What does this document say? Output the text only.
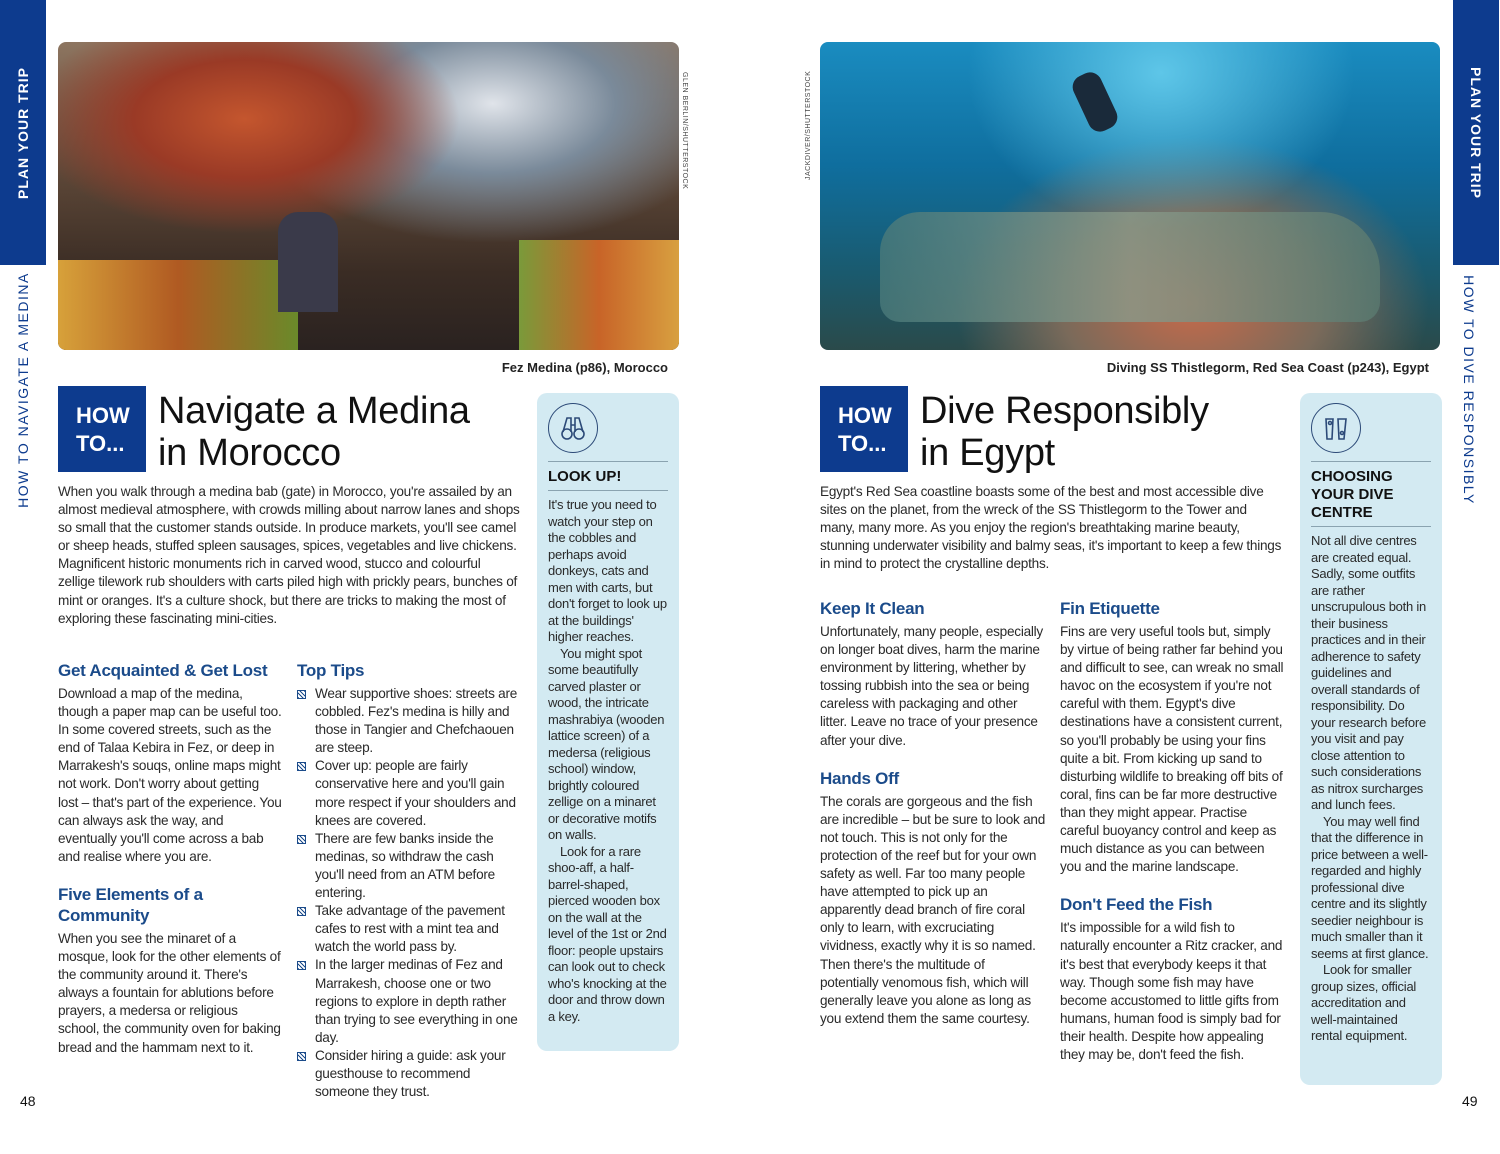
PLAN YOUR TRIP	PLAN YOUR TRIP
HOW TO NAVIGATE A MEDINA	HOW TO DIVE RESPONSIBLY
GLEN BERLIN/SHUTTERSTOCK
Fez Medina (p86), Morocco
HOW TO...
Navigate a Medina
in Morocco
When you walk through a medina bab (gate) in Morocco, you're assailed by an almost medieval atmosphere, with crowds milling about narrow lanes and shops so small that the customer stands outside. In produce markets, you'll see camel or sheep heads, stuffed spleen sausages, spices, vegetables and live chickens. Magnificent historic monuments rich in carved wood, stucco and colourful zellige tilework rub shoulders with carts piled high with prickly pears, bunches of mint or oranges. It's a culture shock, but there are tricks to making the most of exploring these fascinating mini-cities.
Get Acquainted & Get Lost
Download a map of the medina, though a paper map can be useful too. In some covered streets, such as the end of Talaa Kebira in Fez, or deep in Marrakesh's souqs, online maps might not work. Don't worry about getting lost – that's part of the experience. You can always ask the way, and eventually you'll come across a bab and realise where you are.
Five Elements of a Community
When you see the minaret of a mosque, look for the other elements of the community around it. There's always a fountain for ablutions before prayers, a medersa or religious school, the community oven for baking bread and the hammam next to it.
Top Tips
Wear supportive shoes: streets are cobbled. Fez's medina is hilly and those in Tangier and Chefchaouen are steep.
Cover up: people are fairly conservative here and you'll gain more respect if your shoulders and knees are covered.
There are few banks inside the medinas, so withdraw the cash you'll need from an ATM before entering.
Take advantage of the pavement cafes to rest with a mint tea and watch the world pass by.
In the larger medinas of Fez and Marrakesh, choose one or two regions to explore in depth rather than trying to see everything in one day.
Consider hiring a guide: ask your guesthouse to recommend someone they trust.
LOOK UP!
It's true you need to watch your step on the cobbles and perhaps avoid donkeys, cats and men with carts, but don't forget to look up at the buildings' higher reaches.
You might spot some beautifully carved plaster or wood, the intricate mashrabiya (wooden lattice screen) of a medersa (religious school) window, brightly coloured zellige on a minaret or decorative motifs on walls.
Look for a rare shoo-aff, a half-barrel-shaped, pierced wooden box on the wall at the level of the 1st or 2nd floor: people upstairs can look out to check who's knocking at the door and throw down a key.
48
JACKDIVER/SHUTTERSTOCK
Diving SS Thistlegorm, Red Sea Coast (p243), Egypt
HOW TO...
Dive Responsibly
in Egypt
Egypt's Red Sea coastline boasts some of the best and most accessible dive sites on the planet, from the wreck of the SS Thistlegorm to the Tower and many, many more. As you enjoy the region's breathtaking marine beauty, stunning underwater visibility and balmy seas, it's important to keep a few things in mind to protect the crystalline depths.
Keep It Clean
Unfortunately, many people, especially on longer boat dives, harm the marine environment by littering, whether by tossing rubbish into the sea or being careless with packaging and other litter. Leave no trace of your presence after your dive.
Hands Off
The corals are gorgeous and the fish are incredible – but be sure to look and not touch. This is not only for the protection of the reef but for your own safety as well. Far too many people have attempted to pick up an apparently dead branch of fire coral only to learn, with excruciating vividness, exactly why it is so named. Then there's the multitude of potentially venomous fish, which will generally leave you alone as long as you extend them the same courtesy.
Fin Etiquette
Fins are very useful tools but, simply by virtue of being rather far behind you and difficult to see, can wreak no small havoc on the ecosystem if you're not careful with them. Egypt's dive destinations have a consistent current, so you'll probably be using your fins quite a bit. From kicking up sand to disturbing wildlife to breaking off bits of coral, fins can be far more destructive than they might appear. Practise careful buoyancy control and keep as much distance as you can between you and the marine landscape.
Don't Feed the Fish
It's impossible for a wild fish to naturally encounter a Ritz cracker, and it's best that everybody keeps it that way. Though some fish may have become accustomed to little gifts from humans, human food is simply bad for their health. Despite how appealing they may be, don't feed the fish.
CHOOSING YOUR DIVE CENTRE
Not all dive centres are created equal. Sadly, some outfits are rather unscrupulous both in their business practices and in their adherence to safety guidelines and overall standards of responsibility. Do your research before you visit and pay close attention to such considerations as nitrox surcharges and lunch fees.
You may well find that the difference in price between a well-regarded and highly professional dive centre and its slightly seedier neighbour is much smaller than it seems at first glance.
Look for smaller group sizes, official accreditation and well-maintained rental equipment.
49
